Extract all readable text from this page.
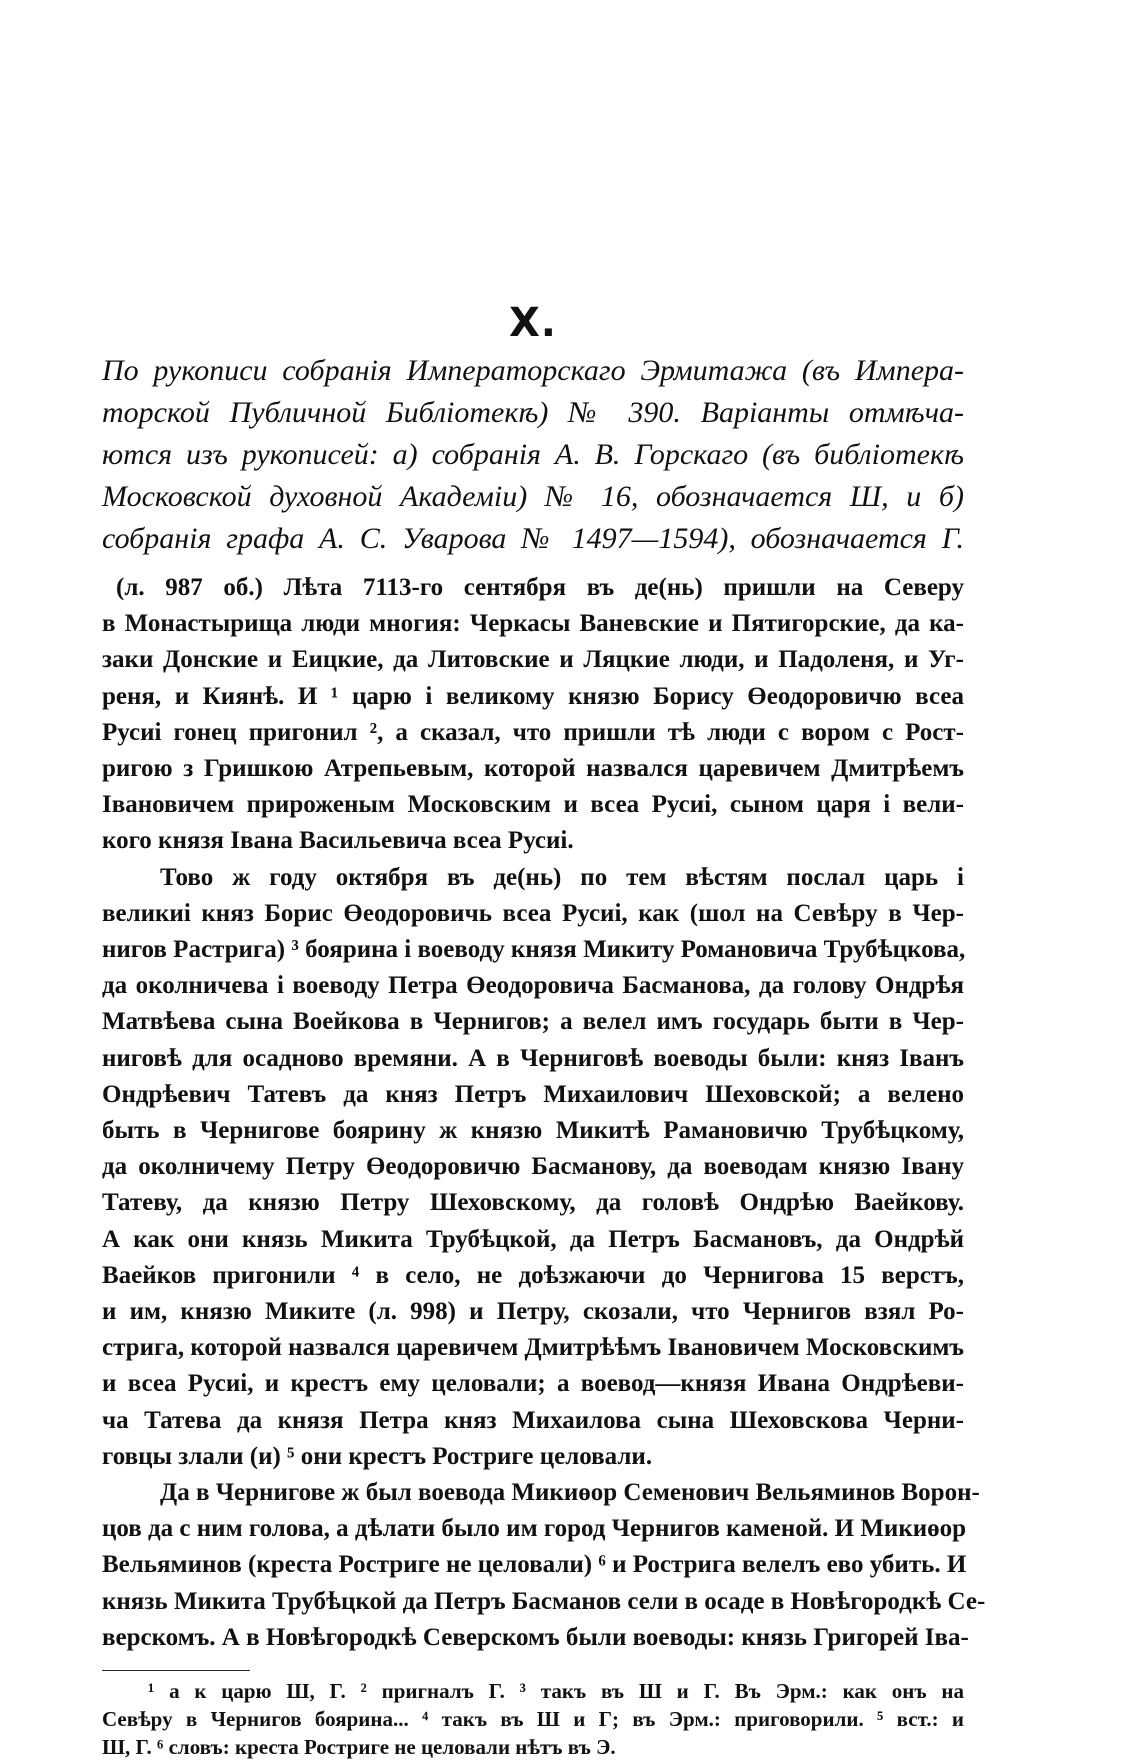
X.
По рукописи собранія Императорскаго Эрмитажа (въ Импера-
торской Публичной Библіотекѣ) № 390. Варіанты отмѣча-
ются изъ рукописей: а) собранія А. В. Горскаго (въ библіотекѣ
Московской духовной Академіи) № 16, обозначается Ш, и б)
собранія графа А. С. Уварова № 1497—1594), обозначается Г.
(л. 987 об.) Лѣта 7113-го сентября въ де(нь) пришли на Северу
в Монастырища люди многия: Черкасы Ваневские и Пятигорские, да ка-
заки Донские и Еицкие, да Литовские и Ляцкие люди, и Падоленя, и Уг-
реня, и Киянѣ. И ¹ царю і великому князю Борису Өеодоровичю всеа
Русиі гонец пригонил ², а сказал, что пришли тѣ люди с вором с Рост-
ригою з Гришкою Атрепьевым, которой назвался царевичем Дмитрѣемъ
Івановичем прироженым Московским и всеа Русиі, сыном царя і вели-
кого князя Івана Васильевича всеа Русиі.
Тово ж году октября въ де(нь) по тем вѣстям послал царь і
великиі княз Борис Өеодоровичь всеа Русиі, как (шол на Севѣру в Чер-
нигов Растрига) ³ боярина і воеводу князя Микиту Романовича Трубѣцкова,
да околничева і воеводу Петра Өеодоровича Басманова, да голову Ондрѣя
Матвѣева сына Воейкова в Чернигов; а велел имъ государь быти в Чер-
ниговѣ для осадново времяни. А в Черниговѣ воеводы были: княз Іванъ
Ондрѣевич Татевъ да княз Петръ Михаилович Шеховской; а велено
быть в Чернигове боярину ж князю Микитѣ Рамановичю Трубѣцкому,
да околничему Петру Өеодоровичю Басманову, да воеводам князю Івану
Татеву, да князю Петру Шеховскому, да головѣ Ондрѣю Ваейкову.
А как они князь Микита Трубѣцкой, да Петръ Басмановъ, да Ондрѣй
Ваейков пригонили ⁴ в село, не доѣзжаючи до Чернигова 15 верстъ,
и им, князю Миките (л. 998) и Петру, скозали, что Чернигов взял Ро-
стрига, которой назвался царевичем Дмитрѣѣмъ Івановичем Московскимъ
и всеа Русиі, и крестъ ему целовали; а воевод—князя Ивана Ондрѣеви-
ча Татева да князя Петра княз Михаилова сына Шеховскова Черни-
говцы злали (и) ⁵ они крестъ Ростриге целовали.
Да в Чернигове ж был воевода Микиөор Семенович Вельяминов Ворон-
цов да с ним голова, а дѣлати было им город Чернигов каменой. И Микиөор
Вельяминов (креста Ростриге не целовали) ⁶ и Рострига велелъ ево убить. И
князь Микита Трубѣцкой да Петръ Басманов сели в осаде в Новѣгородкѣ Се-
верскомъ. А в Новѣгородкѣ Северскомъ были воеводы: князь Григорей Іва-
¹ а к царю Ш, Г. ² пригналъ Г. ³ такъ въ Ш и Г. Въ Эрм.: как онъ на
Севѣру в Чернигов боярина... ⁴ такъ въ Ш и Г; въ Эрм.: приговорили. ⁵ вст.: и
Ш, Г. ⁶ словъ: креста Ростриге не целовали нѣтъ въ Э.
